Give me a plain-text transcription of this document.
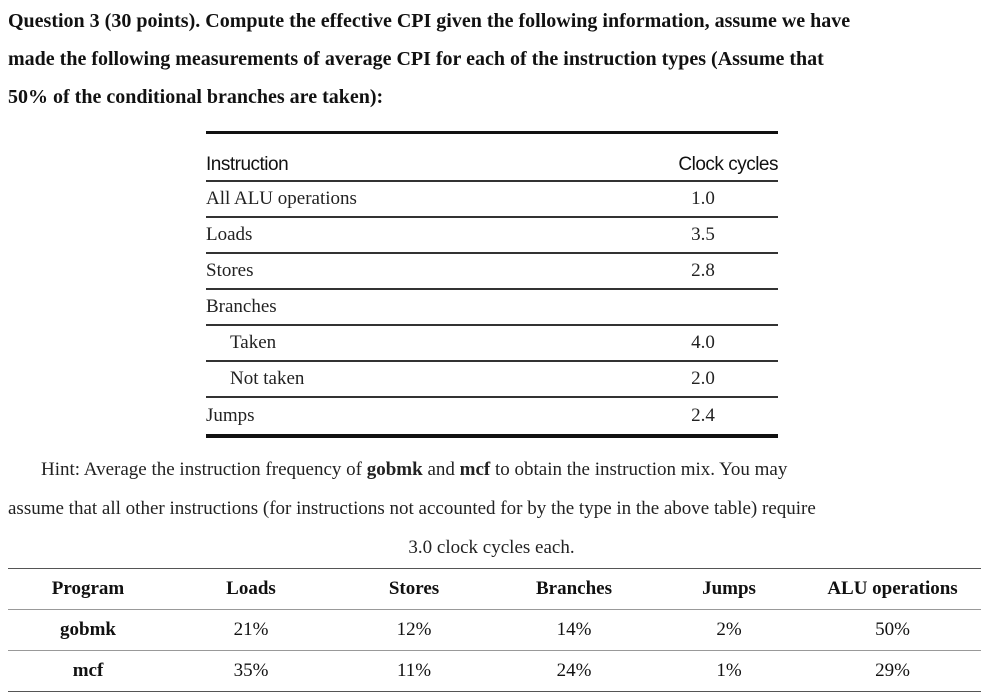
Question 3 (30 points). Compute the effective CPI given the following information, assume we have
made the following measurements of average CPI for each of the instruction types (Assume that
50% of the conditional branches are taken):
Instruction	Clock cycles
All ALU operations	1.0
Loads	3.5
Stores	2.8
Branches	
Taken	4.0
Not taken	2.0
Jumps	2.4
Hint: Average the instruction frequency of gobmk and mcf to obtain the instruction mix. You may
assume that all other instructions (for instructions not accounted for by the type in the above table) require
3.0 clock cycles each.
Program	Loads	Stores	Branches	Jumps	ALU operations
gobmk	21%	12%	14%	2%	50%
mcf	35%	11%	24%	1%	29%
